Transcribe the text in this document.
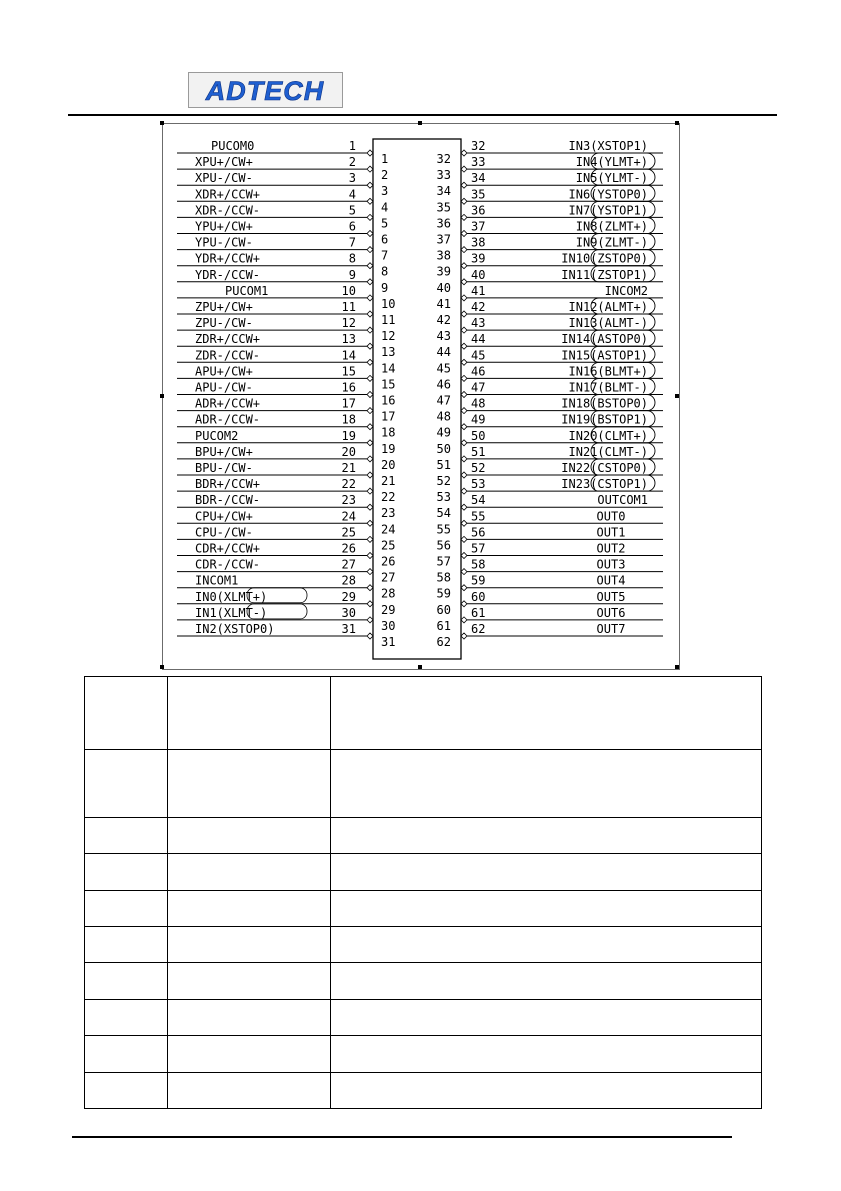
ADTECH
PUCOM0	1
1
XPU+/CW+	2
2
XPU-/CW-	3
3
XDR+/CCW+	4
4
XDR-/CCW-	5
5
YPU+/CW+	6
6
YPU-/CW-	7
7
YDR+/CCW+	8
8
YDR-/CCW-	9
9
PUCOM1	10
10
ZPU+/CW+	11
11
ZPU-/CW-	12
12
ZDR+/CCW+	13
13
ZDR-/CCW-	14
14
APU+/CW+	15
15
APU-/CW-	16
16
ADR+/CCW+	17
17
ADR-/CCW-	18
18
PUCOM2	19
19
BPU+/CW+	20
20
BPU-/CW-	21
21
BDR+/CCW+	22
22
BDR-/CCW-	23
23
CPU+/CW+	24
24
CPU-/CW-	25
25
CDR+/CCW+	26
26
CDR-/CCW-	27
27
INCOM1	28
28
IN0(XLMT+)	29
29
IN1(XLMT-)	30
30
IN2(XSTOP0)	31
31
32
32	IN3(XSTOP1)
33
33	IN4(YLMT+)
34
34	IN5(YLMT-)
35
35	IN6(YSTOP0)
36
36	IN7(YSTOP1)
37
37	IN8(ZLMT+)
38
38	IN9(ZLMT-)
39
39	IN10(ZSTOP0)
40
40	IN11(ZSTOP1)
41
41	INCOM2
42
42	IN12(ALMT+)
43
43	IN13(ALMT-)
44
44	IN14(ASTOP0)
45
45	IN15(ASTOP1)
46
46	IN16(BLMT+)
47
47	IN17(BLMT-)
48
48	IN18(BSTOP0)
49
49	IN19(BSTOP1)
50
50	IN20(CLMT+)
51
51	IN21(CLMT-)
52
52	IN22(CSTOP0)
53
53	IN23(CSTOP1)
54
54	OUTCOM1
55
55	OUT0
56
56	OUT1
57
57	OUT2
58
58	OUT3
59
59	OUT4
60
60	OUT5
61
61	OUT6
62
62	OUT7
